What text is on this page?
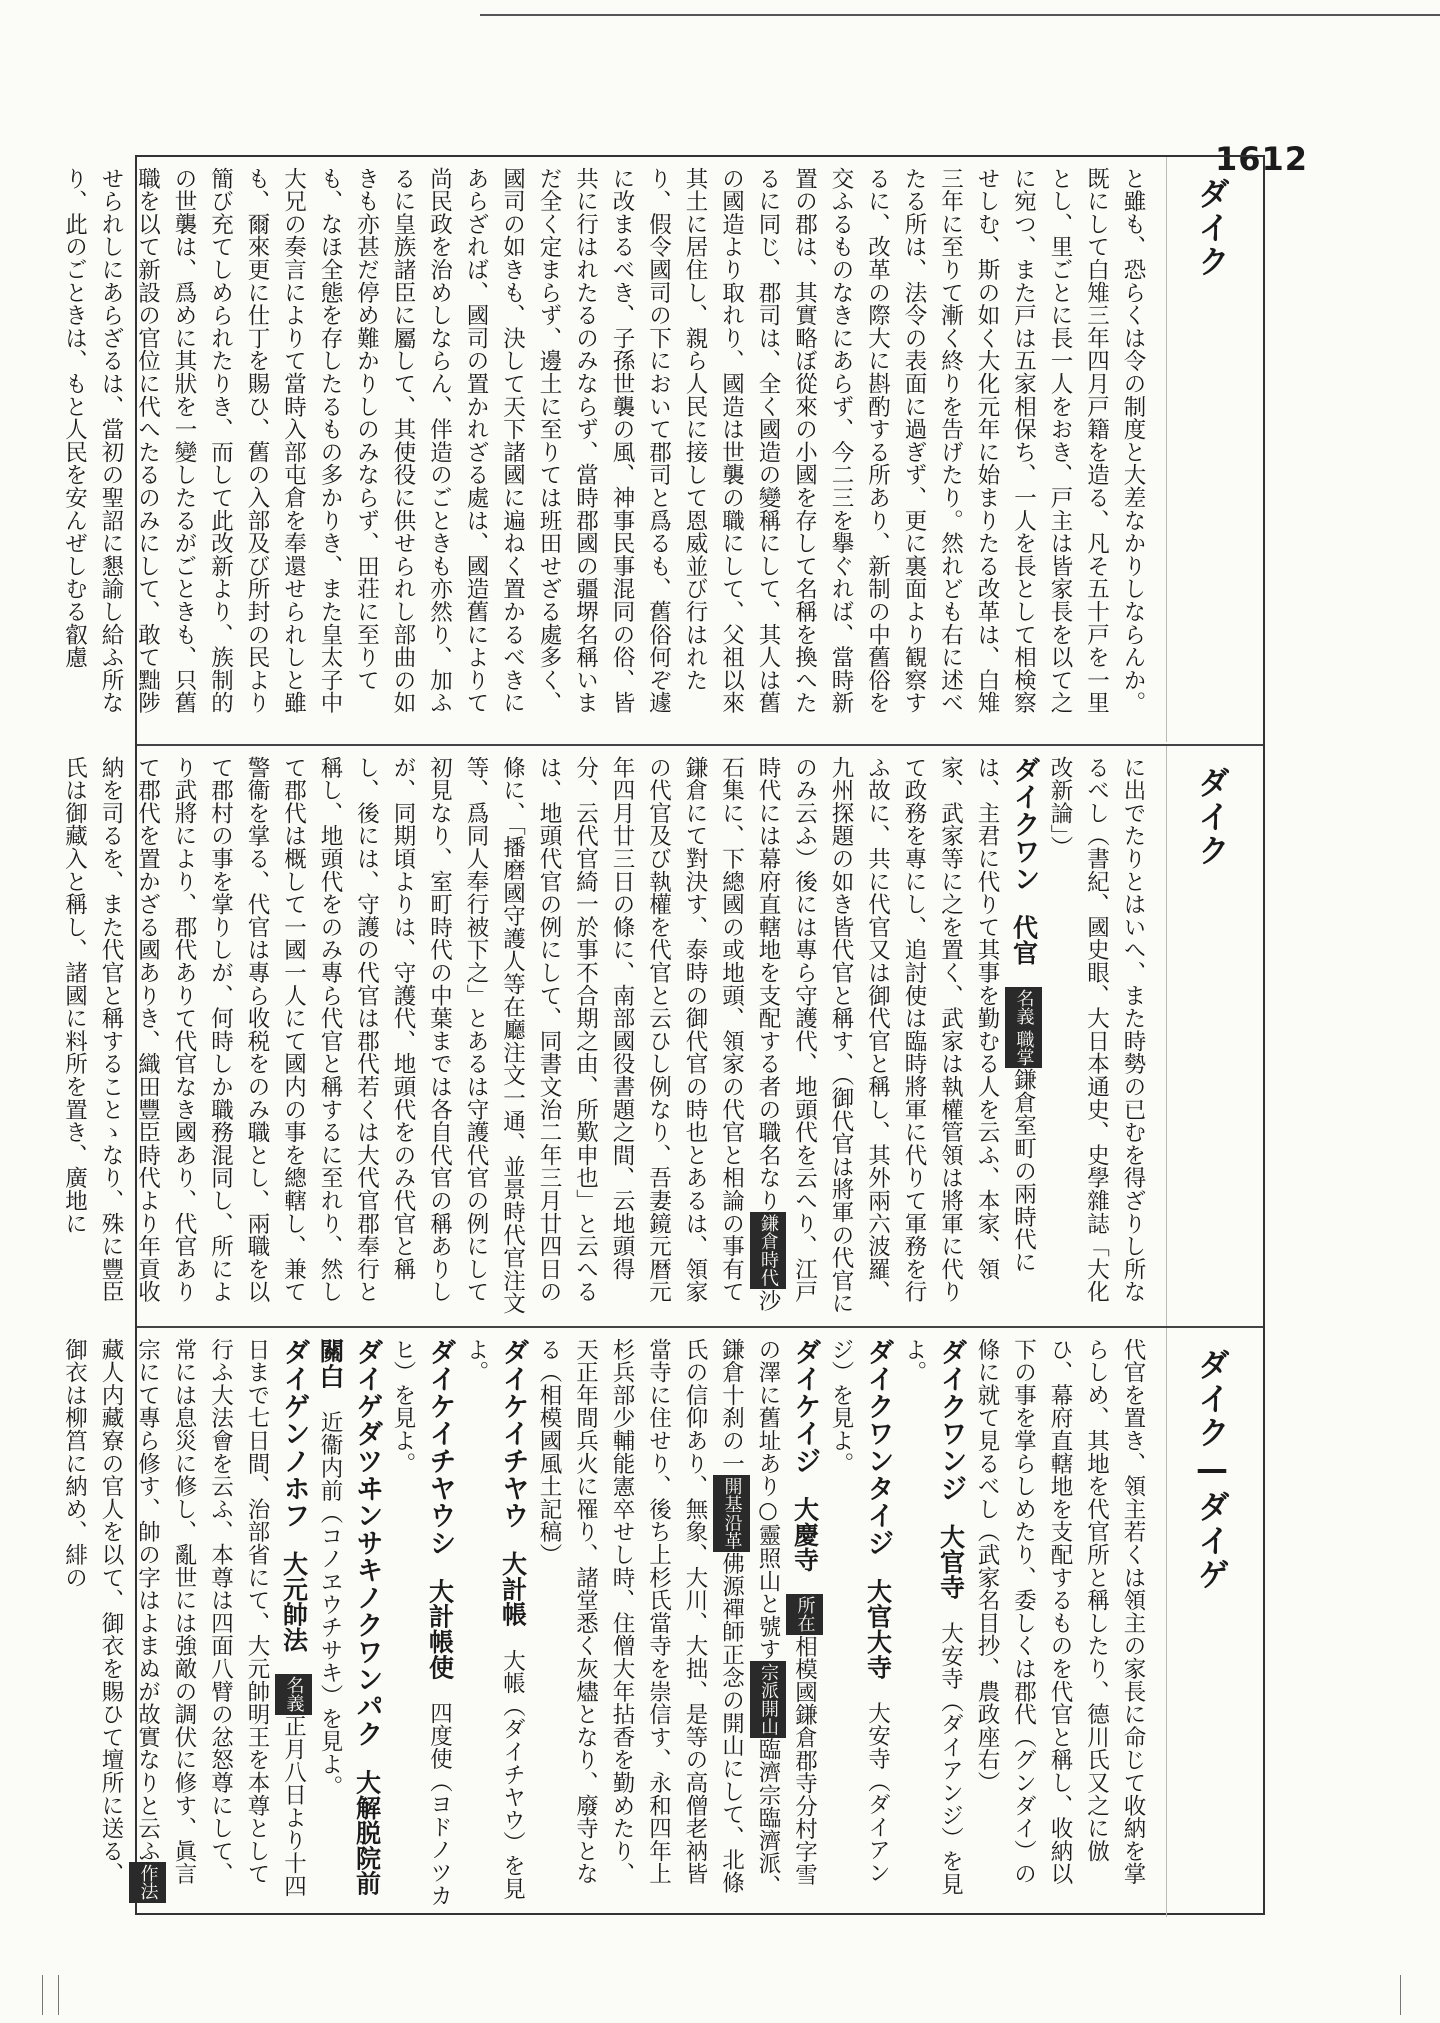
1612
ダイク

と雖も、恐らくは令の制度と大差なかりしならんか。既にして白雉三年四月戸籍を造る、凡そ五十戸を一里とし、里ごとに長一人をおき、戸主は皆家長を以て之に宛つ、また戸は五家相保ち、一人を長として相検察せしむ、斯の如く大化元年に始まりたる改革は、白雉三年に至りて漸く終りを告げたり。然れども右に述べたる所は、法令の表面に過ぎず、更に裏面より観察するに、改革の際大に斟酌する所あり、新制の中舊俗を交ふるものなきにあらず、今二三を擧ぐれば、當時新置の郡は、其實略ぼ從來の小國を存して名稱を換へたるに同じ、郡司は、全く國造の變稱にして、其人は舊の國造より取れり、國造は世襲の職にして、父祖以來其土に居住し、親ら人民に接して恩威並び行はれたり、假令國司の下において郡司と爲るも、舊俗何ぞ遽に改まるべき、子孫世襲の風、神事民事混同の俗、皆共に行はれたるのみならず、當時郡國の疆堺名稱いまだ全く定まらず、邊土に至りては班田せざる處多く、國司の如きも、決して天下諸國に遍ねく置かるべきにあらざれば、國司の置かれざる處は、國造舊によりて尚民政を治めしならん、伴造のごときも亦然り、加ふるに皇族諸臣に屬して、其使役に供せられし部曲の如きも亦甚だ停め難かりしのみならず、田荘に至りても、なほ全態を存したるもの多かりき、また皇太子中大兄の奏言によりて當時入部屯倉を奉還せられしと雖も、爾來更に仕丁を賜ひ、舊の入部及び所封の民より簡び充てしめられたりき、而して此改新より、族制的の世襲は、爲めに其狀を一變したるがごときも、只舊職を以て新設の官位に代へたるのみにして、敢て黜陟せられしにあらざるは、當初の聖詔に懇諭し給ふ所なり、此のごときは、もと人民を安んぜしむる叡慮

ダイク

に出でたりとはいへ、また時勢の已むを得ざりし所なるべし（書紀、國史眼、大日本通史、史學雜誌「大化改新論」）

ダイクワン代官名義職掌鎌倉室町の兩時代には、主君に代りて其事を勤むる人を云ふ、本家、領家、武家等に之を置く、武家は執權管領は將軍に代りて政務を專にし、追討使は臨時將軍に代りて軍務を行ふ故に、共に代官又は御代官と稱し、其外兩六波羅、九州探題の如き皆代官と稱す、（御代官は將軍の代官にのみ云ふ）後には專ら守護代、地頭代を云へり、江戸時代には幕府直轄地を支配する者の職名なり鎌倉時代沙石集に、下總國の或地頭、領家の代官と相論の事有て鎌倉にて對決す、泰時の御代官の時也とあるは、領家の代官及び執權を代官と云ひし例なり、吾妻鏡元暦元年四月廿三日の條に、南部國役書題之間、云地頭得分、云代官綺一於事不合期之由、所歎申也」と云へるは、地頭代官の例にして、同書文治二年三月廿四日の條に、「播磨國守護人等在廳注文一通、並景時代官注文等、爲同人奉行被下之」とあるは守護代官の例にして初見なり、室町時代の中葉までは各自代官の稱ありしが、同期頃よりは、守護代、地頭代をのみ代官と稱し、後には、守護の代官は郡代若くは大代官郡奉行と稱し、地頭代をのみ專ら代官と稱するに至れり、然して郡代は概して一國一人にて國内の事を總轄し、兼て警衞を掌る、代官は專ら收税をのみ職とし、兩職を以て郡村の事を掌りしが、何時しか職務混同し、所により武將により、郡代ありて代官なき國あり、代官ありて郡代を置かざる國ありき、織田豐臣時代より年貢收納を司るを、また代官と稱することゝなり、殊に豐臣氏は御藏入と稱し、諸國に料所を置き、廣地に

ダイク—ダイゲ

代官を置き、領主若くは領主の家長に命じて收納を掌らしめ、其地を代官所と稱したり、德川氏又之に倣ひ、幕府直轄地を支配するものを代官と稱し、收納以下の事を掌らしめたり、委しくは郡代（グンダイ）の條に就て見るべし（武家名目抄、農政座右）

ダイクワンジ大官寺大安寺（ダイアンジ）を見よ。

ダイクワンタイジ大官大寺大安寺（ダイアンジ）を見よ。

ダイケイジ大慶寺所在相模國鎌倉郡寺分村字雪の澤に舊址あり○靈照山と號す宗派開山臨濟宗臨濟派、鎌倉十刹の一開基沿革佛源禪師正念の開山にして、北條氏の信仰あり、無象、大川、大拙、是等の高僧老衲皆當寺に住せり、後ち上杉氏當寺を崇信す、永和四年上杉兵部少輔能憲卒せし時、住僧大年拈香を勤めたり、天正年間兵火に罹り、諸堂悉く灰燼となり、廢寺となる（相模國風土記稿）

ダイケイチヤウ大計帳大帳（ダイチヤウ）を見よ。

ダイケイチヤウシ大計帳使四度使（ヨドノツカヒ）を見よ。

ダイゲダツヰンサキノクワンパク大解脱院前關白近衞内前（コノヱウチサキ）を見よ。

ダイゲンノホフ大元帥法名義正月八日より十四日まで七日間、治部省にて、大元帥明王を本尊として行ふ大法會を云ふ、本尊は四面八臂の忿怒尊にして、常には息災に修し、亂世には強敵の調伏に修す、眞言宗にて專ら修す、帥の字はよまぬが故實なりと云ふ作法藏人内藏寮の官人を以て、御衣を賜ひて壇所に送る、御衣は柳筥に納め、緋の
